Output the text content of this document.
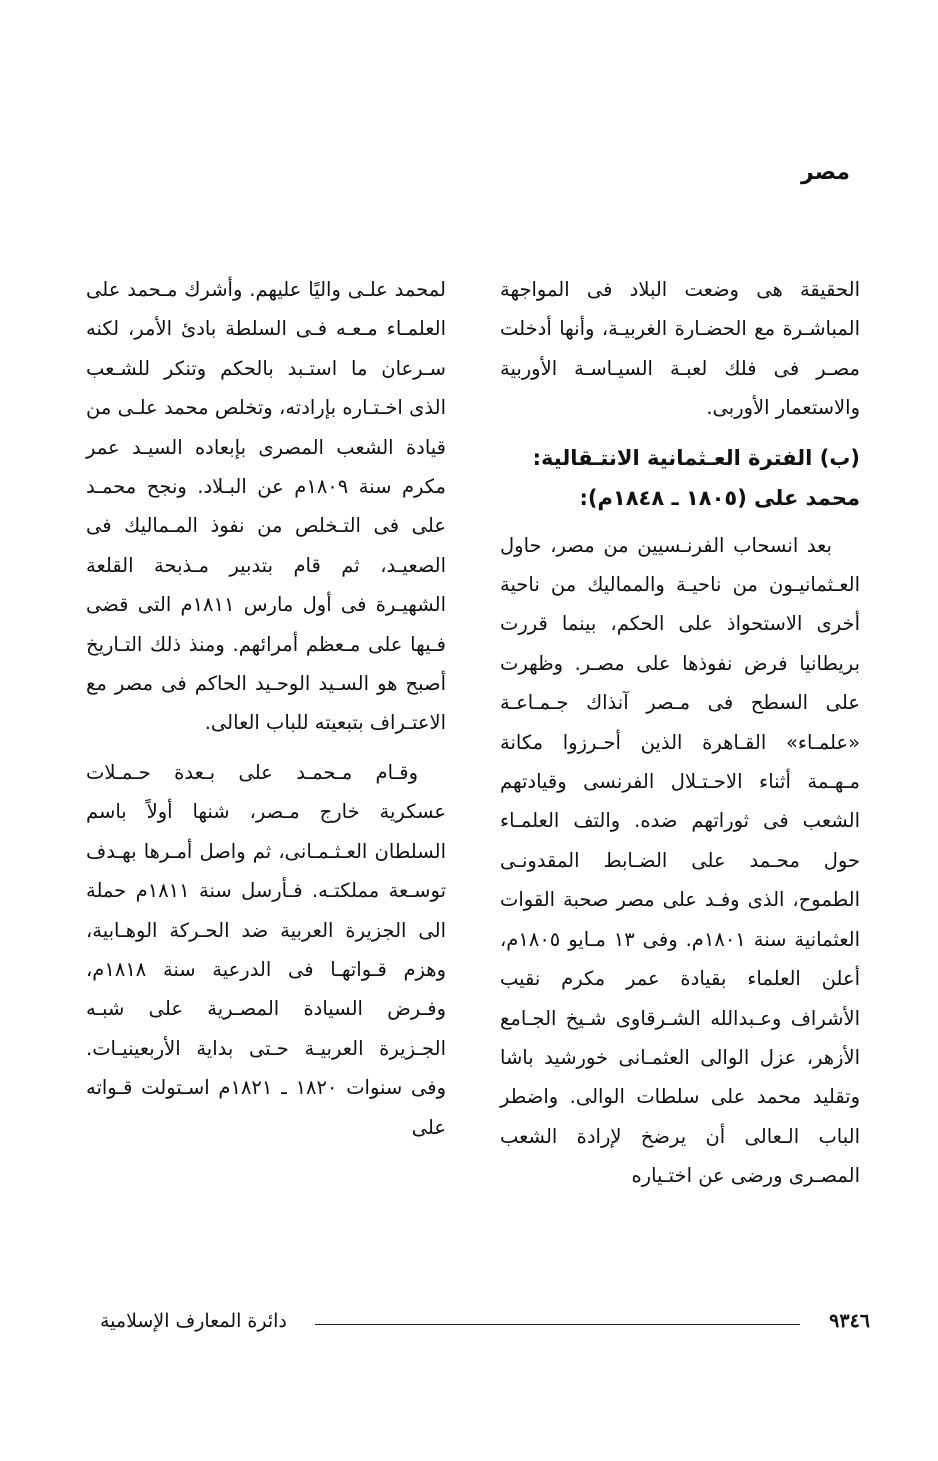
مصر

الحقيقة هى وضعت البلاد فى المواجهة المباشـرة مع الحضـارة الغربيـة، وأنها أدخلت مصـر فى فلك لعبـة السيـاسـة الأوربية والاستعمار الأوربى.

(ب) الفترة العـثمانية الانتـقالية:
محمد على (١٨٠٥ ـ ١٨٤٨م):

بعد انسحاب الفرنـسيين من مصر، حاول العـثمانيـون من ناحيـة والمماليك من ناحية أخرى الاستحواذ على الحكم، بينما قررت بريطانيا فرض نفوذها على مصـر. وظهرت على السطح فى مـصر آنذاك جـمـاعـة «علمـاء» القـاهرة الذين أحـرزوا مكانة مـهـمة أثناء الاحـتـلال الفرنسى وقيادتهم الشعب فى ثوراتهم ضده. والتف العلمـاء حول محـمد على الضـابط المقدونـى الطموح، الذى وفـد على مصر صحبة القوات العثمانية سنة ١٨٠١م. وفى ١٣ مـايو ١٨٠٥م، أعلن العلماء بقيادة عمر مكرم نقيب الأشراف وعـبدالله الشـرقاوى شـيخ الجـامع الأزهر، عزل الوالى العثمـانى خورشيد باشا وتقليد محمد على سلطات الوالى. واضطر الباب الـعالى أن يرضخ لإرادة الشعب المصـرى ورضى عن اختـياره

لمحمد علـى واليًا عليهم. وأشرك مـحمد على العلمـاء مـعـه فـى السلطة بادئ الأمر، لكنه سـرعان ما استـبد بالحكم وتنكر للشـعب الذى اخـتـاره بإرادته، وتخلص محمد علـى من قيادة الشعب المصرى بإبعاده السيـد عمر مكرم سنة ١٨٠٩م عن البـلاد. ونجح محمـد على فى التـخلص من نفوذ المـماليك فى الصعيـد، ثم قام بتدبير مـذبحة القلعة الشهيـرة فى أول مارس ١٨١١م التى قضى فـيها على مـعظم أمرائهم. ومنذ ذلك التـاريخ أصبح هو السـيد الوحـيد الحاكم فى مصر مع الاعتـراف بتبعيته للباب العالى.

وقـام مـحمـد على بـعدة حـمـلات عسكرية خارج مـصر، شنها أولاً باسم السلطان العـثـمـانى، ثم واصل أمـرها بهـدف توسـعة مملكتـه. فـأرسل سنة ١٨١١م حملة الى الجزيرة العربية ضد الحـركة الوهـابية، وهزم قـواتهـا فى الدرعية سنة ١٨١٨م، وفـرض السيادة المصـرية على شبـه الجـزيرة العربيـة حـتى بداية الأربعينيـات. وفى سنوات ١٨٢٠ ـ ١٨٢١م اسـتولت قـواته على

٩٣٤٦
دائرة المعارف الإسلامية
